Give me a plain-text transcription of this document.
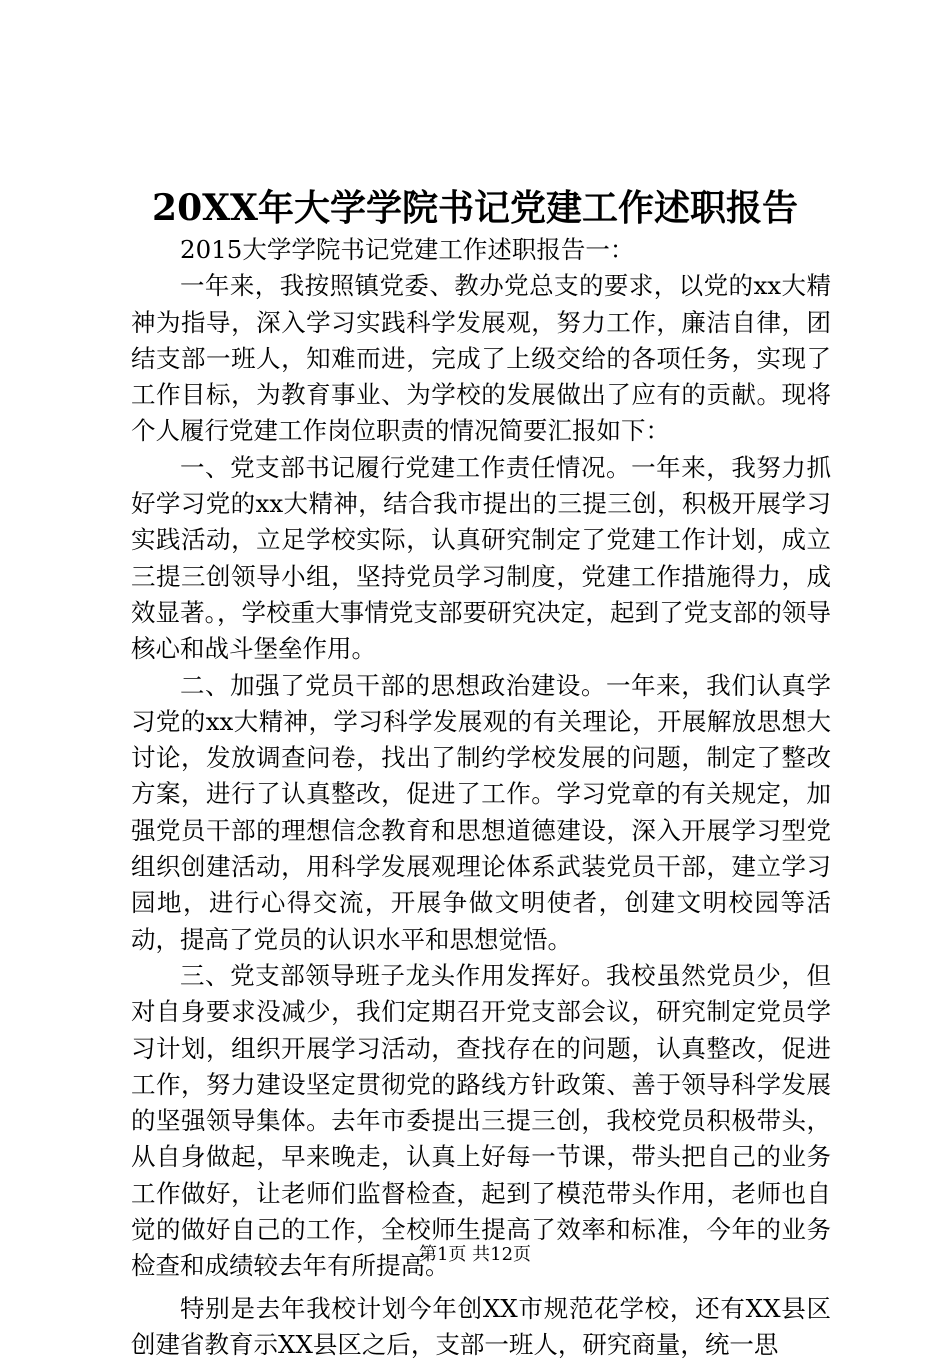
20XX年大学学院书记党建工作述职报告

2015大学学院书记党建工作述职报告一：

一年来，我按照镇党委、教办党总支的要求，以党的xx大精神为指导，深入学习实践科学发展观，努力工作，廉洁自律，团结支部一班人，知难而进，完成了上级交给的各项任务，实现了工作目标，为教育事业、为学校的发展做出了应有的贡献。现将个人履行党建工作岗位职责的情况简要汇报如下：

一、党支部书记履行党建工作责任情况。一年来，我努力抓好学习党的xx大精神，结合我市提出的三提三创，积极开展学习实践活动，立足学校实际，认真研究制定了党建工作计划，成立三提三创领导小组，坚持党员学习制度，党建工作措施得力，成效显著。，学校重大事情党支部要研究决定，起到了党支部的领导核心和战斗堡垒作用。

二、加强了党员干部的思想政治建设。一年来，我们认真学习党的xx大精神，学习科学发展观的有关理论，开展解放思想大讨论，发放调查问卷，找出了制约学校发展的问题，制定了整改方案，进行了认真整改，促进了工作。学习党章的有关规定，加强党员干部的理想信念教育和思想道德建设，深入开展学习型党组织创建活动，用科学发展观理论体系武装党员干部，建立学习园地，进行心得交流，开展争做文明使者，创建文明校园等活动，提高了党员的认识水平和思想觉悟。

三、党支部领导班子龙头作用发挥好。我校虽然党员少，但对自身要求没减少，我们定期召开党支部会议，研究制定党员学习计划，组织开展学习活动，查找存在的问题，认真整改，促进工作，努力建设坚定贯彻党的路线方针政策、善于领导科学发展的坚强领导集体。去年市委提出三提三创，我校党员积极带头，从自身做起，早来晚走，认真上好每一节课，带头把自己的业务工作做好，让老师们监督检查，起到了模范带头作用，老师也自觉的做好自己的工作，全校师生提高了效率和标准，今年的业务检查和成绩较去年有所提高。

特别是去年我校计划今年创XX市规范花学校，还有XX县区创建省教育示XX县区之后，支部一班人，研究商量，统一思

第1页 共12页
